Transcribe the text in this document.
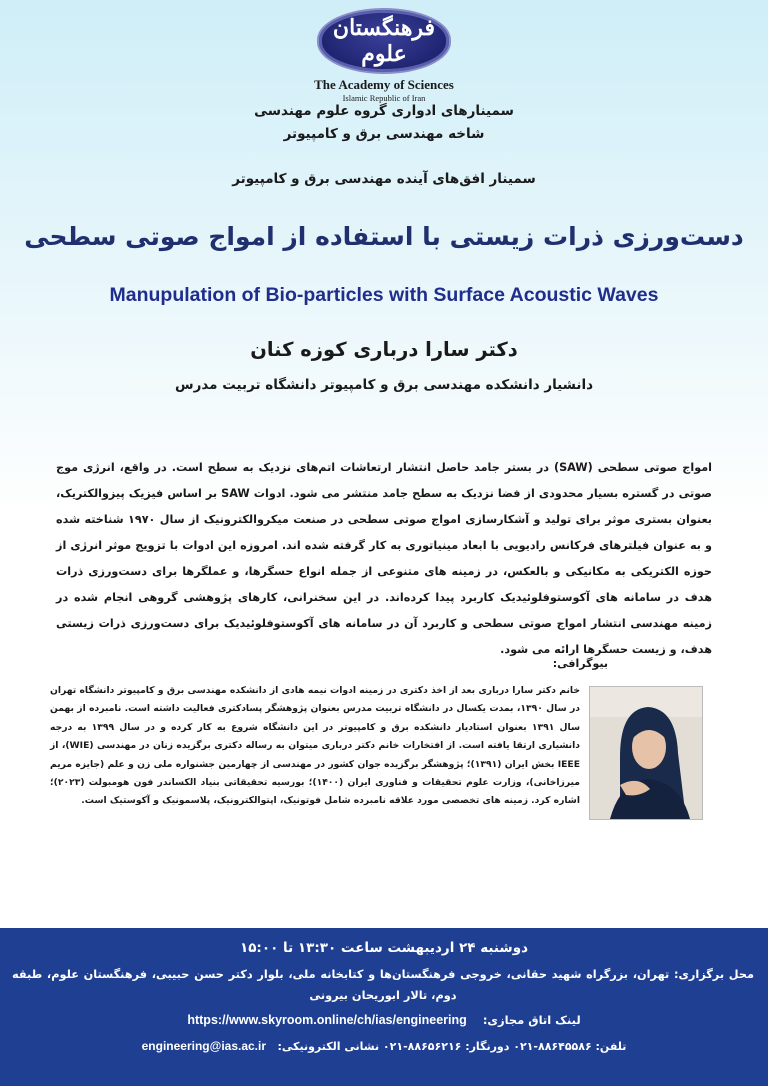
فرهنگستان علوم
The Academy of Sciences
Islamic Republic of Iran
سمینارهای ادواری گروه علوم مهندسی
شاخه مهندسی برق و کامپیوتر
سمینار افق‌های آینده مهندسی برق و کامپیوتر
دست‌ورزی ذرات زیستی با استفاده از امواج صوتی سطحی
Manupulation of Bio-particles with Surface Acoustic Waves
دکتر سارا درباری کوزه کنان
دانشیار دانشکده مهندسی برق و کامپیوتر دانشگاه تربیت مدرس
امواج صوتی سطحی (SAW) در بستر جامد حاصل انتشار ارتعاشات اتم‌های نزدیک به سطح است. در واقع، انرژی موج صوتی در گستره بسیار محدودی از فضا نزدیک به سطح جامد منتشر می شود. ادوات SAW بر اساس فیزیک پیزوالکتریک، بعنوان بستری موثر برای تولید و آشکارسازی امواج صوتی سطحی در صنعت میکروالکترونیک از سال ۱۹۷۰ شناخته شده و به عنوان فیلترهای فرکانس رادیویی با ابعاد مینیاتوری به کار گرفته شده اند. امروزه این ادوات با تزویج موثر انرژی از حوزه الکتریکی به مکانیکی و بالعکس، در زمینه های متنوعی از جمله انواع حسگرها، و عملگرها برای دست‌ورزی ذرات هدف در سامانه های آکوستوفلوئیدیک کاربرد پیدا کرده‌اند. در این سخنرانی، کارهای پژوهشی گروهی انجام شده در زمینه مهندسی انتشار امواج صوتی سطحی و کاربرد آن در سامانه های آکوستوفلوئیدیک برای دست‌ورزی ذرات زیستی هدف، و زیست حسگرها ارائه می شود.
بیوگرافی:
خانم دکتر سارا درباری بعد از اخذ دکتری در زمینه ادوات نیمه هادی از دانشکده مهندسی برق و کامپیوتر دانشگاه تهران در سال ۱۳۹۰، بمدت یکسال در دانشگاه تربیت مدرس بعنوان پژوهشگر پسادکتری فعالیت داشته است. نامبرده از بهمن سال ۱۳۹۱ بعنوان استادیار دانشکده برق و کامپیوتر در این دانشگاه شروع به کار کرده و در سال ۱۳۹۹ به درجه دانشیاری ارتقا یافته است. از افتخارات خانم دکتر درباری میتوان به رساله دکتری برگزیده زنان در مهندسی (WIE)، از IEEE بخش ایران (۱۳۹۱)؛ پژوهشگر برگزیده جوان کشور در مهندسی از چهارمین جشنواره ملی زن و علم (جایزه مریم میرزاخانی)، وزارت علوم تحقیقات و فناوری ایران (۱۴۰۰)؛ بورسیه تحقیقاتی بنیاد الکساندر فون هومبولت (۲۰۲۳)؛ اشاره کرد. زمینه های تخصصی مورد علاقه نامبرده شامل فوتونیک، اپتوالکترونیک، پلاسمونیک و آکوستیک است.
دوشنبه ۲۴ اردیبهشت ساعت ۱۳:۳۰ تا ۱۵:۰۰
محل برگزاری: تهران، بزرگراه شهید حقانی، خروجی فرهنگستان‌ها و کتابخانه ملی، بلوار دکتر حسن حبیبی، فرهنگستان علوم، طبقه دوم، تالار ابوریحان بیرونی
لینک اتاق مجازی:    https://www.skyroom.online/ch/ias/engineering
تلفن: ۸۸۶۴۵۵۸۶-۰۲۱ دورنگار: ۸۸۶۵۶۲۱۶-۰۲۱ نشانی الکترونیکی:   engineering@ias.ac.ir
